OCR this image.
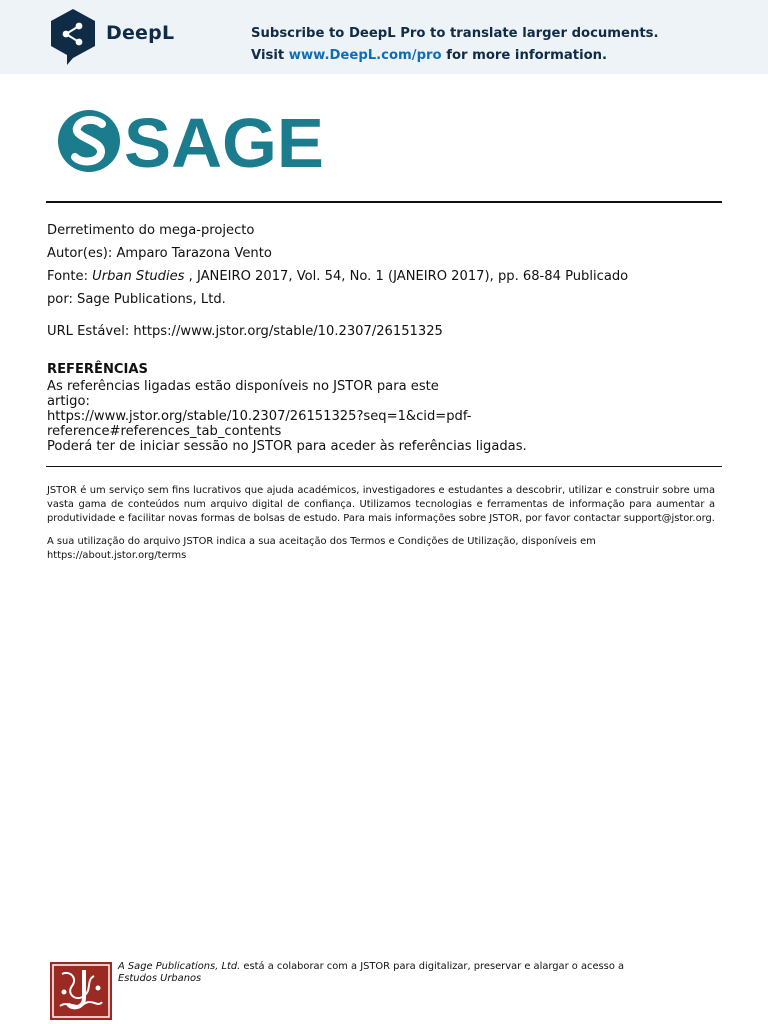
DeepL	Subscribe to DeepL Pro to translate larger documents.
Visit www.DeepL.com/pro for more information.
SAGE
Derretimento do mega-projecto
Autor(es): Amparo Tarazona Vento
Fonte: Urban Studies , JANEIRO 2017, Vol. 54, No. 1 (JANEIRO 2017), pp. 68-84 Publicado
por: Sage Publications, Ltd.
URL Estável: https://www.jstor.org/stable/10.2307/26151325
REFERÊNCIAS
As referências ligadas estão disponíveis no JSTOR para este
artigo:
https://www.jstor.org/stable/10.2307/26151325?seq=1&cid=pdf-
reference#references_tab_contents
Poderá ter de iniciar sessão no JSTOR para aceder às referências ligadas.

JSTOR é um serviço sem fins lucrativos que ajuda académicos, investigadores e estudantes a descobrir, utilizar e construir sobre uma vasta gama de conteúdos num arquivo digital de confiança. Utilizamos tecnologias e ferramentas de informação para aumentar a produtividade e facilitar novas formas de bolsas de estudo. Para mais informações sobre JSTOR, por favor contactar support@jstor.org.

A sua utilização do arquivo JSTOR indica a sua aceitação dos Termos e Condições de Utilização, disponíveis em
https://about.jstor.org/terms

A Sage Publications, Ltd. está a colaborar com a JSTOR para digitalizar, preservar e alargar o acesso a
Estudos Urbanos
